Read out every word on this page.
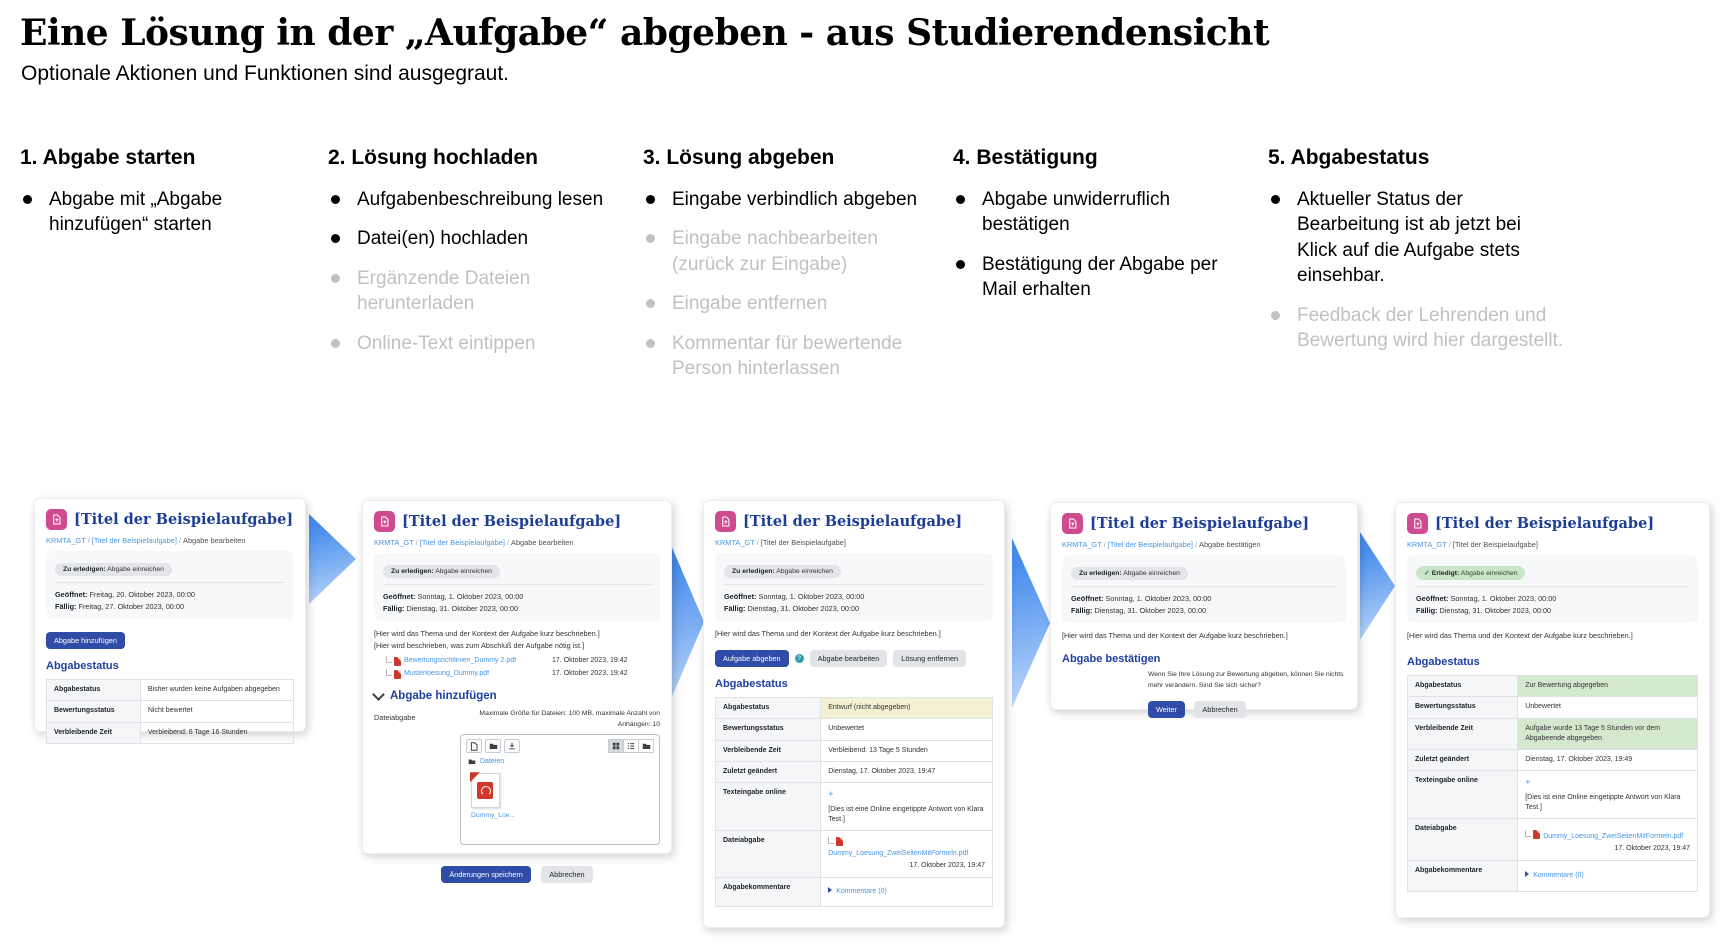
Eine Lösung in der „Aufgabe“ abgeben - aus Studierendensicht
Optionale Aktionen und Funktionen sind ausgegraut.
1. Abgabe starten
Abgabe mit „Abgabe hinzufügen“ starten
2. Lösung hochladen
Aufgabenbeschreibung lesen
Datei(en) hochladen
Ergänzende Dateien herunterladen
Online-Text eintippen
3. Lösung abgeben
Eingabe verbindlich abgeben
Eingabe nachbearbeiten (zurück zur Eingabe)
Eingabe entfernen
Kommentar für bewertende Person hinterlassen
4. Bestätigung
Abgabe unwiderruflich bestätigen
Bestätigung der Abgabe per Mail erhalten
5. Abgabestatus
Aktueller Status der Bearbeitung ist ab jetzt bei Klick auf die Aufgabe stets einsehbar.
Feedback der Lehrenden und Bewertung wird hier dargestellt.
[Titel der Beispielaufgabe]
KRMTA_GT / [Titel der Beispielaufgabe] / Abgabe bearbeiten
Zu erledigen: Abgabe einreichen
Geöffnet: Freitag, 20. Oktober 2023, 00:00
Fällig: Freitag, 27. Oktober 2023, 00:00
Abgabe hinzufügen
Abgabestatus
Abgabestatus	Bisher wurden keine Aufgaben abgegeben
Bewertungsstatus	Nicht bewertet
Verbleibende Zeit	Verbleibend: 6 Tage 16 Stunden
[Titel der Beispielaufgabe]
KRMTA_GT / [Titel der Beispielaufgabe] / Abgabe bearbeiten
Zu erledigen: Abgabe einreichen
Geöffnet: Sonntag, 1. Oktober 2023, 00:00
Fällig: Dienstag, 31. Oktober 2023, 00:00
[Hier wird das Thema und der Kontext der Aufgabe kurz beschrieben.]
[Hier wird beschrieben, was zum Abschluß der Aufgabe nötig ist.]
Bewertungsrichtlinien_Dummy 2.pdf	17. Oktober 2023, 19:42
Musterloesung_Dummy.pdf	17. Oktober 2023, 19:42
Abgabe hinzufügen
Dateiabgabe	Maximale Größe für Dateien: 100 MB, maximale Anzahl von Anhängen: 10
Dateien
Dummy_Loe...
Änderungen speichern	Abbrechen
[Titel der Beispielaufgabe]
KRMTA_GT / [Titel der Beispielaufgabe]
Zu erledigen: Abgabe einreichen
Geöffnet: Sonntag, 1. Oktober 2023, 00:00
Fällig: Dienstag, 31. Oktober 2023, 00:00
[Hier wird das Thema und der Kontext der Aufgabe kurz beschrieben.]
Aufgabe abgeben	?	Abgabe bearbeiten	Lösung entfernen
Abgabestatus
Abgabestatus	Entwurf (nicht abgegeben)
Bewertungsstatus	Unbewertet
Verbleibende Zeit	Verbleibend: 13 Tage 5 Stunden
Zuletzt geändert	Dienstag, 17. Oktober 2023, 19:47
Texteingabe online	+
[Dies ist eine Online eingetippte Antwort von Klara Test.]
Dateiabgabe	Dummy_Loesung_ZweiSeitenMitFormeln.pdf
17. Oktober 2023, 19:47

Abgabekommentare	Kommentare (0)
[Titel der Beispielaufgabe]
KRMTA_GT / [Titel der Beispielaufgabe] / Abgabe bestätigen
Zu erledigen: Abgabe einreichen
Geöffnet: Sonntag, 1. Oktober 2023, 00:00
Fällig: Dienstag, 31. Oktober 2023, 00:00
[Hier wird das Thema und der Kontext der Aufgabe kurz beschrieben.]
Abgabe bestätigen
Wenn Sie Ihre Lösung zur Bewertung abgeben, können Sie nichts mehr verändern. Sind Sie sich sicher?
Weiter	Abbrechen
[Titel der Beispielaufgabe]
KRMTA_GT / [Titel der Beispielaufgabe]
✓ Erledigt: Abgabe einreichen
Geöffnet: Sonntag, 1. Oktober 2023, 00:00
Fällig: Dienstag, 31. Oktober 2023, 00:00
[Hier wird das Thema und der Kontext der Aufgabe kurz beschrieben.]
Abgabestatus
Abgabestatus	Zur Bewertung abgegeben
Bewertungsstatus	Unbewertet
Verbleibende Zeit	Aufgabe wurde 13 Tage 5 Stunden vor dem Abgabeende abgegeben
Zuletzt geändert	Dienstag, 17. Oktober 2023, 19:49
Texteingabe online	+
[Dies ist eine Online eingetippte Antwort von Klara Test.]
Dateiabgabe	Dummy_Loesung_ZweiSeitenMitFormeln.pdf
17. Oktober 2023, 19:47

Abgabekommentare	Kommentare (0)
